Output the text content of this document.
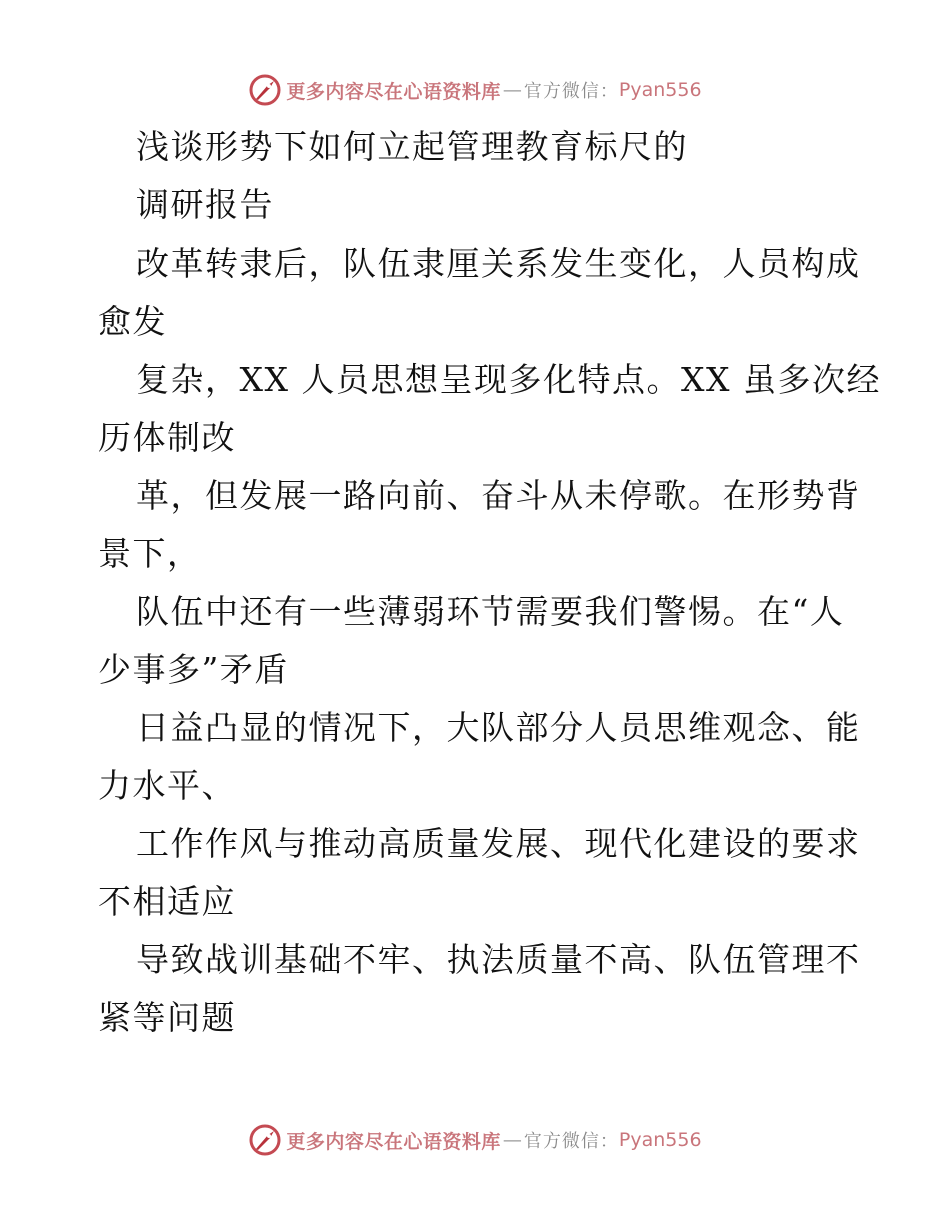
更多内容尽在心语资料库 — 官方微信： Pyan556
浅谈形势下如何立起管理教育标尺的
调研报告
改革转隶后，队伍隶厘关系发生变化，人员构成
愈发
复杂，XX 人员思想呈现多化特点。XX 虽多次经
历体制改
革，但发展一路向前、奋斗从未停歌。在形势背
景下，
队伍中还有一些薄弱环节需要我们警惕。在“人
少事多”矛盾
日益凸显的情况下，大队部分人员思维观念、能
力水平、
工作作风与推动高质量发展、现代化建设的要求
不相适应
导致战训基础不牢、执法质量不高、队伍管理不
紧等问题
更多内容尽在心语资料库 — 官方微信： Pyan556
